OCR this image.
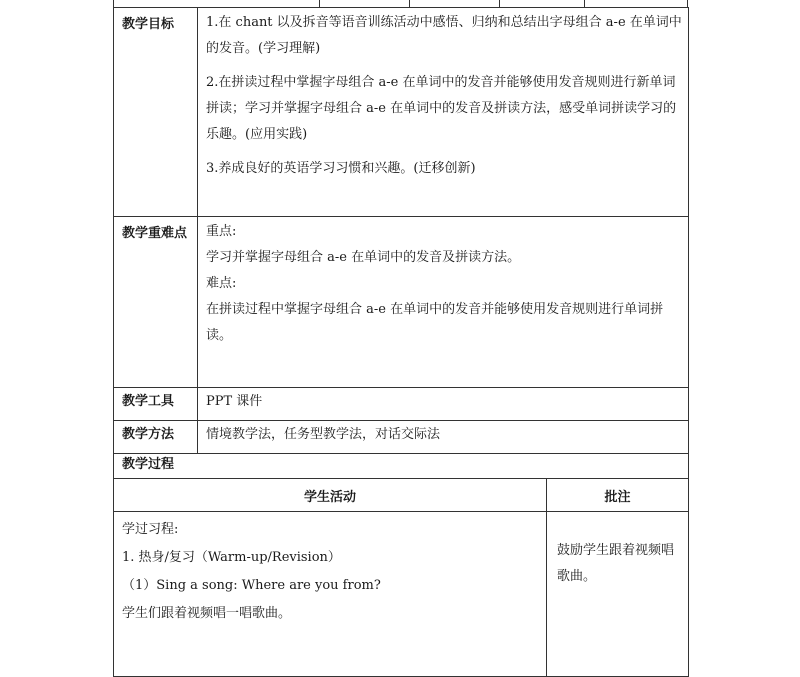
教学目标	1.在 chant 以及拆音等语音训练活动中感悟、归纳和总结出字母组合 a-e 在单词中的发音。(学习理解)

2.在拼读过程中掌握字母组合 a-e 在单词中的发音并能够使用发音规则进行新单词拼读；学习并掌握字母组合 a-e 在单词中的发音及拼读方法，感受单词拼读学习的乐趣。(应用实践)

3.养成良好的英语学习习惯和兴趣。(迁移创新)	

教学重难点	重点:

学习并掌握字母组合 a-e 在单词中的发音及拼读方法。

难点:

在拼读过程中掌握字母组合 a-e 在单词中的发音并能够使用发音规则进行单词拼读。	

教学工具	PPT 课件	
教学方法	情境教学法，任务型教学法，对话交际法	
教学过程		
学生活动		批注

学过习程:
1. 热身/复习（Warm-up/Revision）
（1）Sing a song: Where are you from?
学生们跟着视频唱一唱歌曲。		鼓励学生跟着视频唱歌曲。
